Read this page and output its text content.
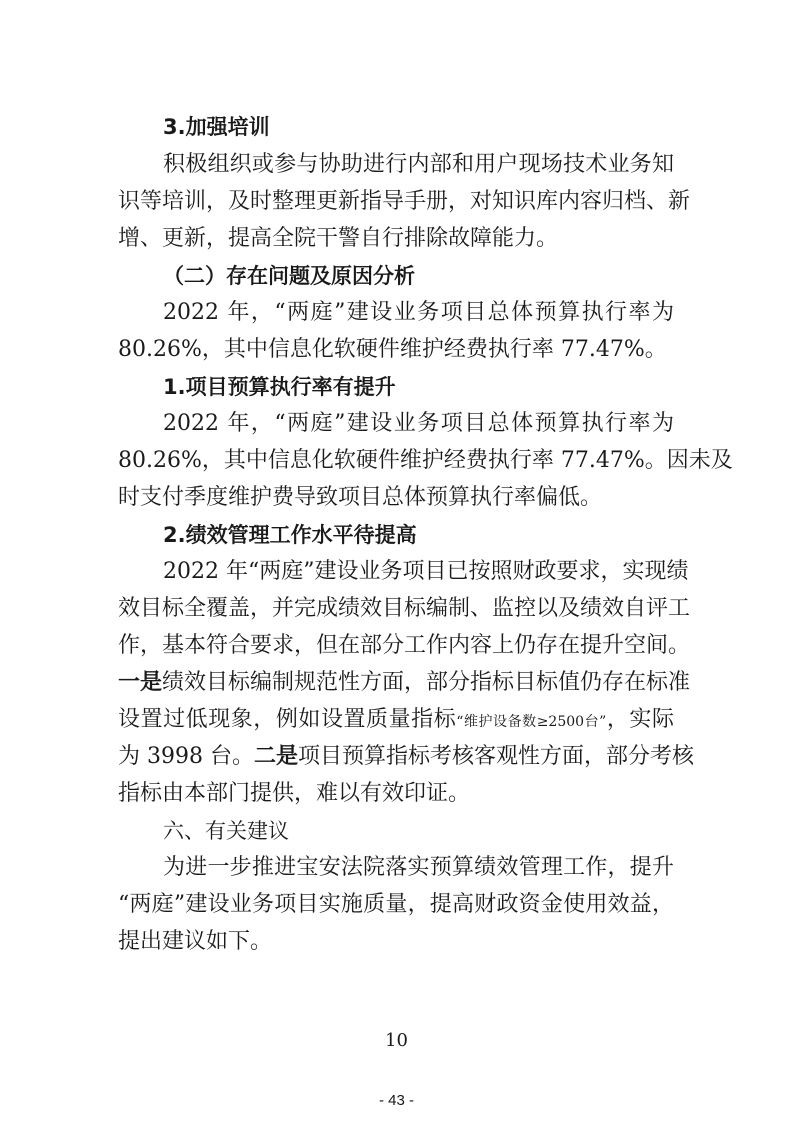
3.加强培训
积极组织或参与协助进行内部和用户现场技术业务知
识等培训，及时整理更新指导手册，对知识库内容归档、新
增、更新，提高全院干警自行排除故障能力。
（二）存在问题及原因分析
2022 年，“两庭”建设业务项目总体预算执行率为
80.26%，其中信息化软硬件维护经费执行率 77.47%。
1.项目预算执行率有提升
2022 年，“两庭”建设业务项目总体预算执行率为
80.26%，其中信息化软硬件维护经费执行率 77.47%。因未及
时支付季度维护费导致项目总体预算执行率偏低。
2.绩效管理工作水平待提高
2022 年“两庭”建设业务项目已按照财政要求，实现绩
效目标全覆盖，并完成绩效目标编制、监控以及绩效自评工
作，基本符合要求，但在部分工作内容上仍存在提升空间。
一是绩效目标编制规范性方面，部分指标目标值仍存在标准
设置过低现象，例如设置质量指标“维护设备数≥2500台”，实际
为 3998 台。二是项目预算指标考核客观性方面，部分考核
指标由本部门提供，难以有效印证。
六、有关建议
为进一步推进宝安法院落实预算绩效管理工作，提升
“两庭”建设业务项目实施质量，提高财政资金使用效益，
提出建议如下。
10
- 43 -
